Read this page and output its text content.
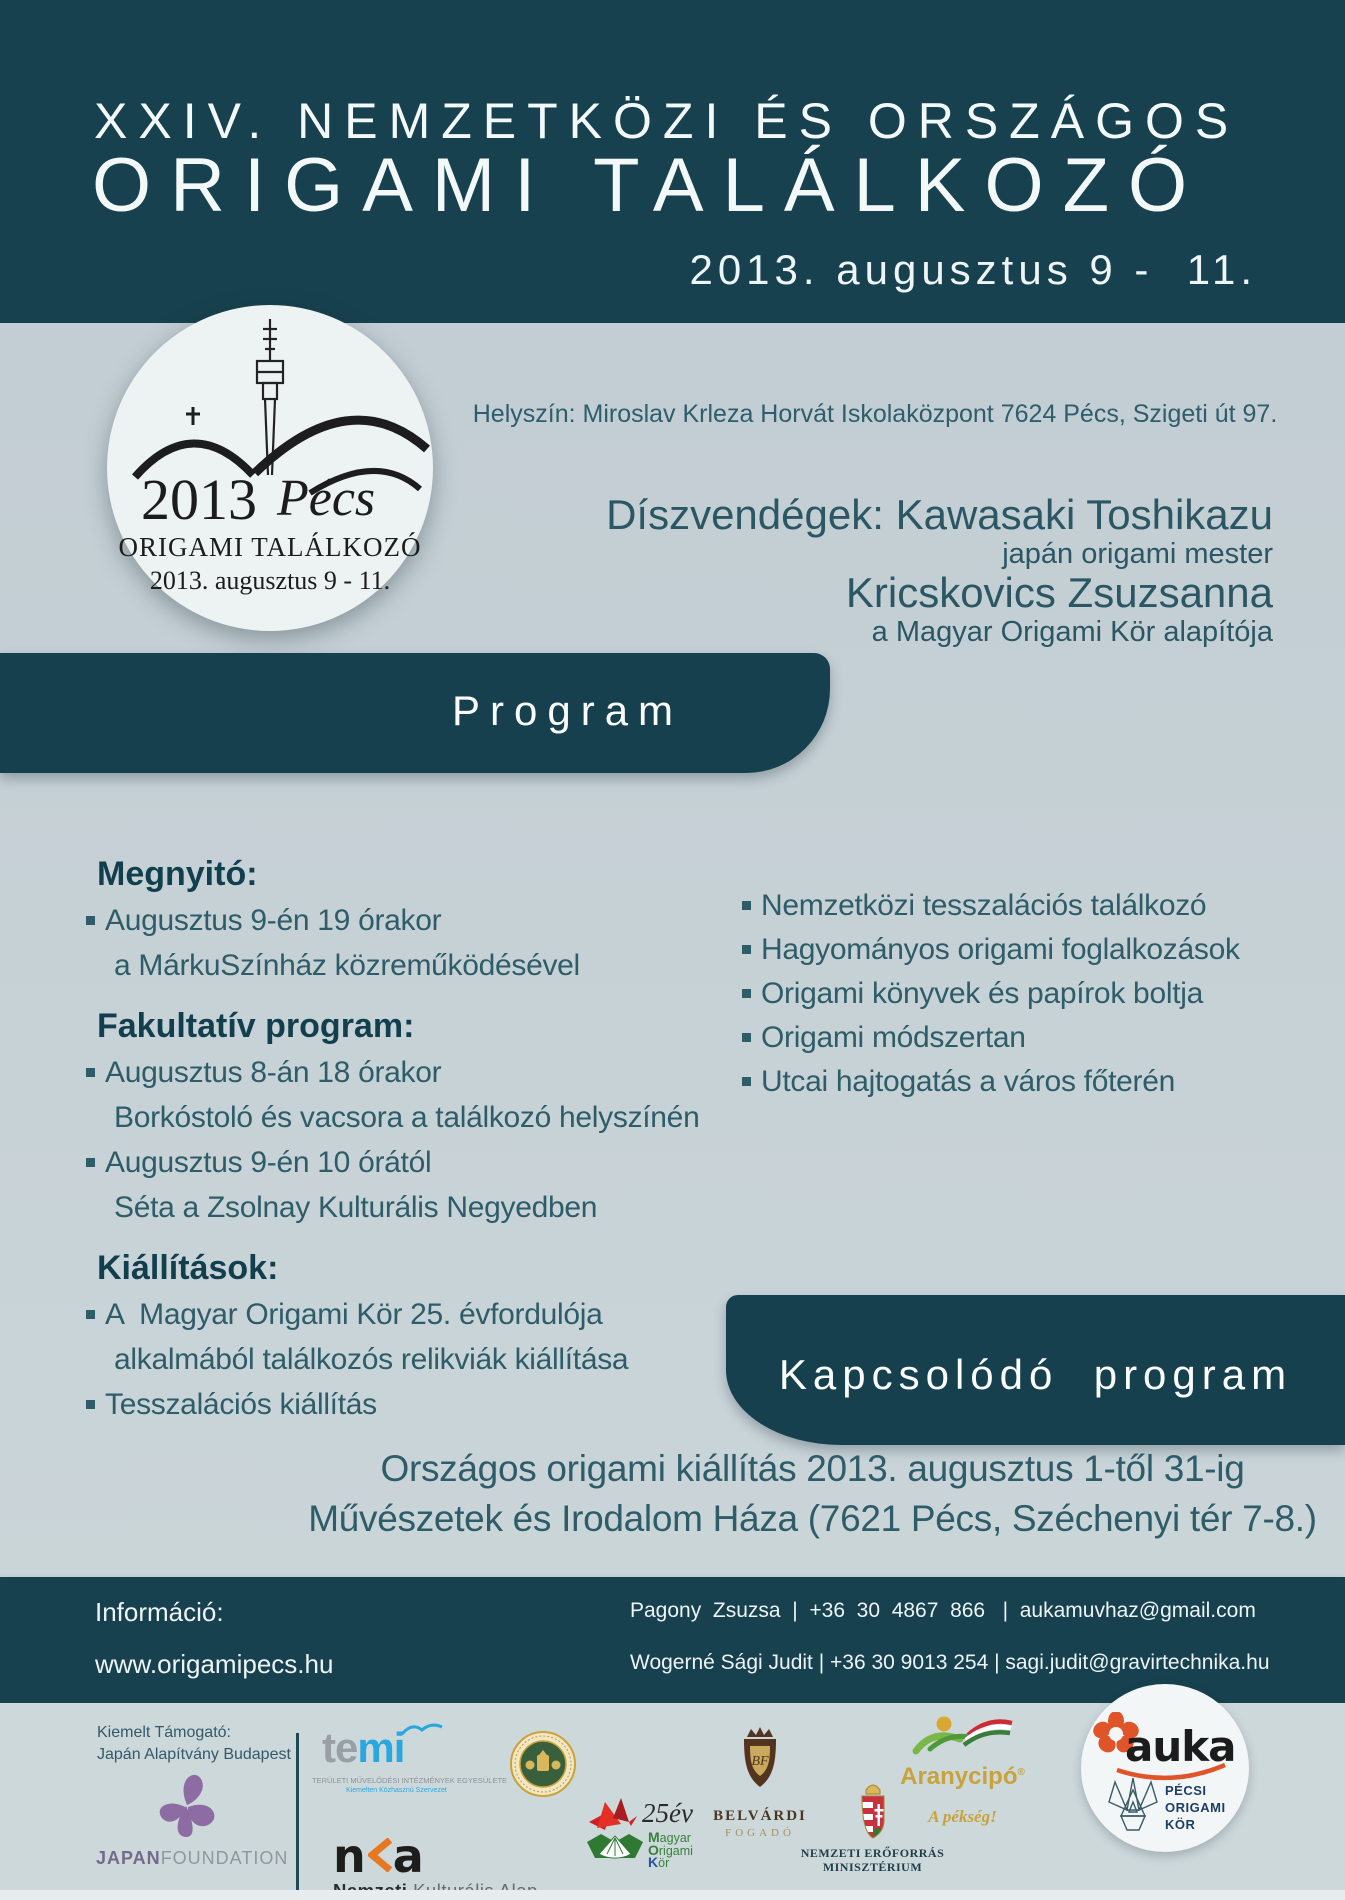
XXIV. NEMZETKÖZI ÉS ORSZÁGOS
ORIGAMI TALÁLKOZÓ
2013. augusztus 9 -  11.
2013 Pécs
ORIGAMI TALÁLKOZÓ
2013. augusztus 9 - 11.
Helyszín: Miroslav Krleza Horvát Iskolaközpont 7624 Pécs, Szigeti út 97.
Díszvendégek: Kawasaki Toshikazu
japán origami mester
Kricskovics Zsuzsanna
a Magyar Origami Kör alapítója
Program
Megnyitó:
Augusztus 9-én 19 órakor
a MárkuSzínház közreműködésével
Fakultatív program:
Augusztus 8-án 18 órakor
Borkóstoló és vacsora a találkozó helyszínén
Augusztus 9-én 10 órától
Séta a Zsolnay Kulturális Negyedben
Kiállítások:
A  Magyar Origami Kör 25. évfordulója
alkalmából találkozós relikviák kiállítása
Tesszalációs kiállítás
Nemzetközi tesszalációs találkozó
Hagyományos origami foglalkozások
Origami könyvek és papírok boltja
Origami módszertan
Utcai hajtogatás a város főterén
Kapcsolódó  program
Országos origami kiállítás 2013. augusztus 1-től 31-ig
Művészetek és Irodalom Háza (7621 Pécs, Széchenyi tér 7-8.)
Információ:
www.origamipecs.hu
Pagony  Zsuzsa  |  +36  30  4867  866   |  aukamuvhaz@gmail.com
Wogerné Sági Judit | +36 30 9013 254 | sagi.judit@gravirtechnika.hu
Kiemelt Támogató:
Japán Alapítvány Budapest
JAPANFOUNDATION
temi
TERÜLETI MŰVELŐDÉSI INTÉZMÉNYEK EGYESÜLETE
Kiemelten Közhasznú Szervezet
n a
25év
Magyar
Origami
Kör
BF
BELVÁRDI
FOGADÓ
NEMZETI ERŐFORRÁS
MINISZTÉRIUM
Aranycipó®
A pékség!
auka
PÉCSI
ORIGAMI
KÖR
